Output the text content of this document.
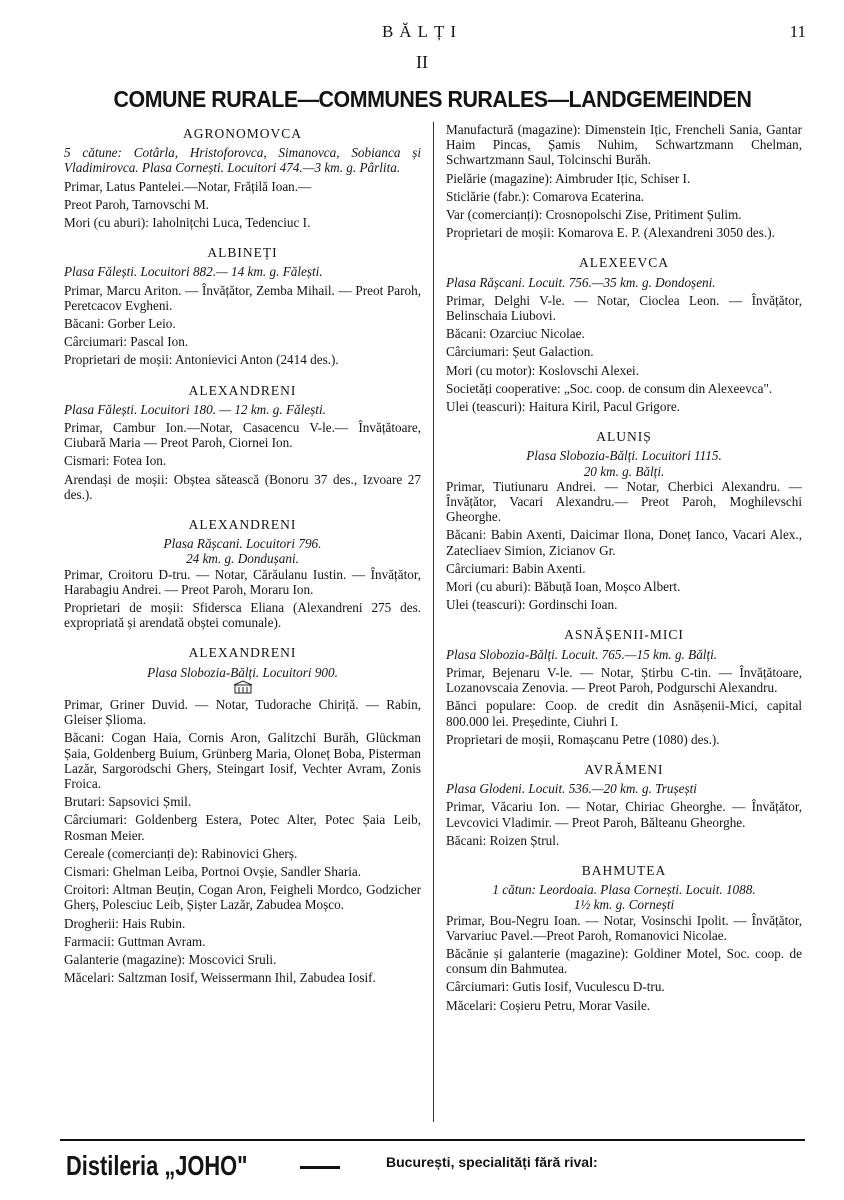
BĂLȚI	11
II
COMUNE RURALE—COMMUNES RURALES—LANDGEMEINDEN
AGRONOMOVCA

5 cătune: Cotârla, Hristoforovca, Simanovca, Sobianca și Vladimirovca. Plasa Cornești. Locuitori 474.—3 km. g. Pârlita.

Primar, Latus Pantelei.—Notar, Frățilă Ioan.—

Preot Paroh, Tarnovschi M.

Mori (cu aburi): Iaholnițchi Luca, Tedenciuc I.

ALBINEȚI

Plasa Fălești. Locuitori 882.— 14 km. g. Fălești.

Primar, Marcu Ariton. — Învățător, Zemba Mihail. — Preot Paroh, Peretcacov Evgheni.

Băcani: Gorber Leio.

Cârciumari: Pascal Ion.

Proprietari de moșii: Antonievici Anton (2414 des.).

ALEXANDRENI

Plasa Fălești. Locuitori 180. — 12 km. g. Fălești.

Primar, Cambur Ion.—Notar, Casacencu V-le.— Învățătoare, Ciubară Maria — Preot Paroh, Ciornei Ion.

Cismari: Fotea Ion.

Arendași de moșii: Obștea sătească (Bonoru 37 des., Izvoare 27 des.).

ALEXANDRENI
Plasa Rășcani. Locuitori 796.
24 km. g. Dondușani.

Primar, Croitoru D-tru. — Notar, Cărăulanu Iustin. — Învățător, Harabagiu Andrei. — Preot Paroh, Moraru Ion.

Proprietari de moșii: Sfidersca Eliana (Alexandreni 275 des. expropriată și arendată obștei comunale).

ALEXANDRENI
Plasa Slobozia-Bălți. Locuitori 900.

Primar, Griner Duvid. — Notar, Tudorache Chiriță. — Rabin, Gleiser Șlioma.

Băcani: Cogan Haia, Cornis Aron, Galitzchi Burăh, Glückman Șaia, Goldenberg Buium, Grünberg Maria, Oloneț Boba, Pisterman Lazăr, Sargorodschi Gherș, Steingart Iosif, Vechter Avram, Zonis Froica.

Brutari: Sapsovici Șmil.

Cârciumari: Goldenberg Estera, Potec Alter, Potec Șaia Leib, Rosman Meier.

Cereale (comercianți de): Rabinovici Gherș.

Cismari: Ghelman Leiba, Portnoi Ovșie, Sandler Sharia.

Croitori: Altman Beuțin, Cogan Aron, Feigheli Mordco, Godzicher Gherș, Polesciuc Leib, Șișter Lazăr, Zabudea Moșco.

Drogherii: Hais Rubin.

Farmacii: Guttman Avram.

Galanterie (magazine): Moscovici Sruli.

Măcelari: Saltzman Iosif, Weissermann Ihil, Zabudea Iosif.

Manufactură (magazine): Dimenstein Ițic, Frencheli Sania, Gantar Haim Pincas, Șamis Nuhim, Schwartzmann Chelman, Schwartzmann Saul, Tolcinschi Burăh.

Pielărie (magazine): Aimbruder Ițic, Schiser I.

Sticlărie (fabr.): Comarova Ecaterina.

Var (comercianți): Crosnopolschi Zise, Pritiment Șulim.

Proprietari de moșii: Komarova E. P. (Alexandreni 3050 des.).

ALEXEEVCA

Plasa Rășcani. Locuit. 756.—35 km. g. Dondoșeni.

Primar, Delghi V-le. — Notar, Cioclea Leon. — Învățător, Belinschaia Liubovi.

Băcani: Ozarciuc Nicolae.

Cârciumari: Șeut Galaction.

Mori (cu motor): Koslovschi Alexei.

Societăți cooperative: „Soc. coop. de consum din Alexeevca".

Ulei (teascuri): Haitura Kiril, Pacul Grigore.

ALUNIȘ
Plasa Slobozia-Bălți. Locuitori 1115.
20 km. g. Bălți.

Primar, Tiutiunaru Andrei. — Notar, Cherbici Alexandru. — Învățător, Vacari Alexandru.— Preot Paroh, Moghilevschi Gheorghe.

Băcani: Babin Axenti, Daicimar Ilona, Doneț Ianco, Vacari Alex., Zatecliaev Simion, Zicianov Gr.

Cârciumari: Babin Axenti.

Mori (cu aburi): Băbuță Ioan, Moșco Albert.

Ulei (teascuri): Gordinschi Ioan.

ASNĂȘENII-MICI

Plasa Slobozia-Bălți. Locuit. 765.—15 km. g. Bălți.

Primar, Bejenaru V-le. — Notar, Știrbu C-tin. — Învățătoare, Lozanovscaia Zenovia. — Preot Paroh, Podgurschi Alexandru.

Bănci populare: Coop. de credit din Asnășenii-Mici, capital 800.000 lei. Președinte, Ciuhri I.

Proprietari de moșii, Romașcanu Petre (1080) des.).

AVRĂMENI

Plasa Glodeni. Locuit. 536.—20 km. g. Trușești

Primar, Văcariu Ion. — Notar, Chiriac Gheorghe. — Învățător, Levcovici Vladimir. — Preot Paroh, Bălteanu Gheorghe.

Băcani: Roizen Ștrul.

BAHMUTEA
1 cătun: Leordoaia. Plasa Cornești. Locuit. 1088.
1½ km. g. Cornești

Primar, Bou-Negru Ioan. — Notar, Vosinschi Ipolit. — Învățător, Varvariuc Pavel.—Preot Paroh, Romanovici Nicolae.

Băcănie și galanterie (magazine): Goldiner Motel, Soc. coop. de consum din Bahmutea.

Cârciumari: Gutis Iosif, Vuculescu D-tru.

Măcelari: Coșieru Petru, Morar Vasile.

Distileria „JOHO"	București, specialități fără rival:
